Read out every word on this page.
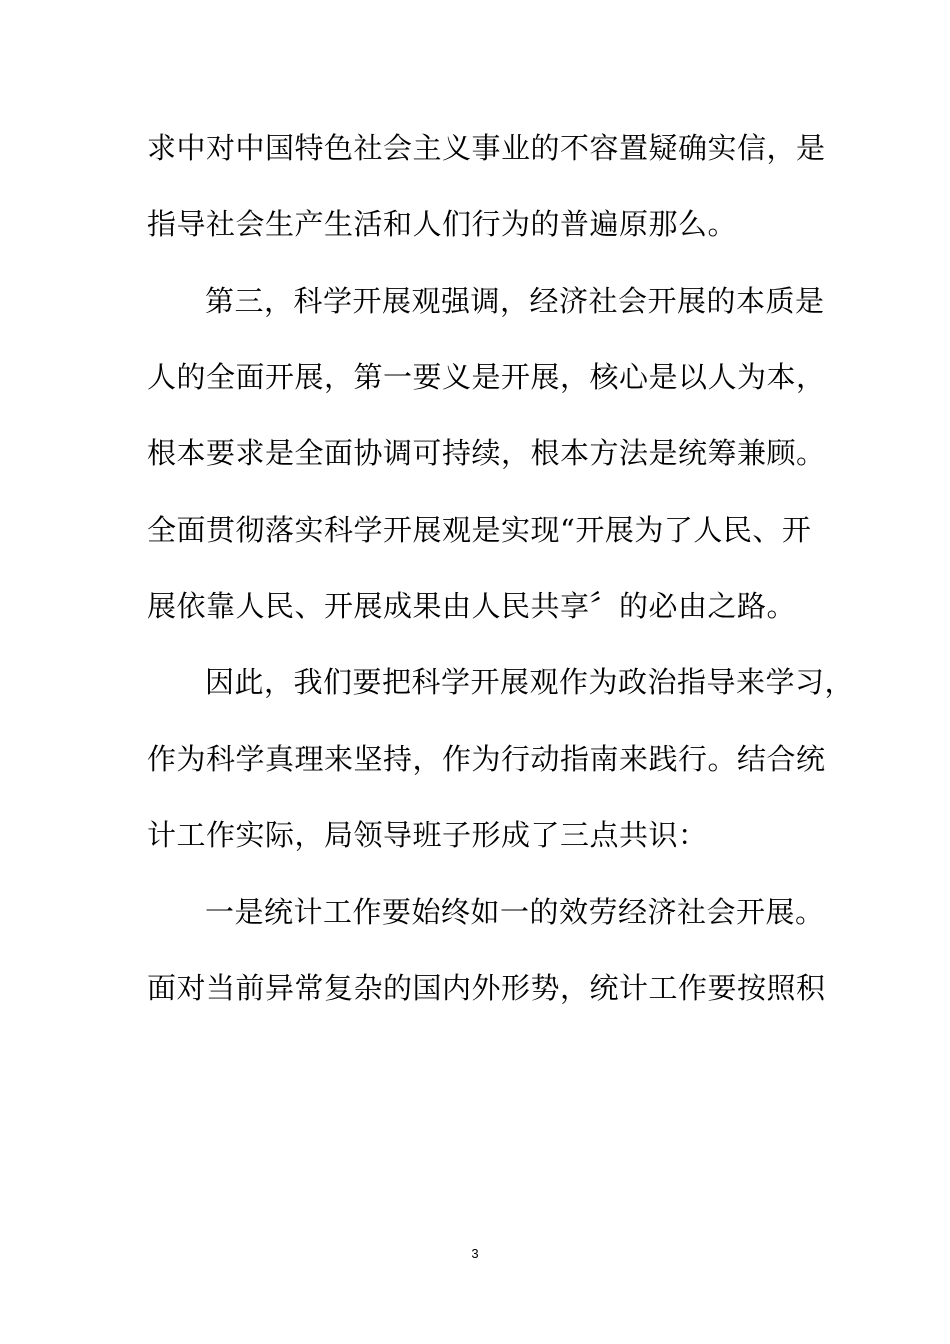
求中对中国特色社会主义事业的不容置疑确实信，是
指导社会生产生活和人们行为的普遍原那么。
第三，科学开展观强调，经济社会开展的本质是
人的全面开展，第一要义是开展，核心是以人为本，
根本要求是全面协调可持续，根本方法是统筹兼顾。
全面贯彻落实科学开展观是实现“开展为了人民、开
展依靠人民、开展成果由人民共享〞的必由之路。
因此，我们要把科学开展观作为政治指导来学习，
作为科学真理来坚持，作为行动指南来践行。结合统
计工作实际，局领导班子形成了三点共识：
一是统计工作要始终如一的效劳经济社会开展。
面对当前异常复杂的国内外形势，统计工作要按照积
3
